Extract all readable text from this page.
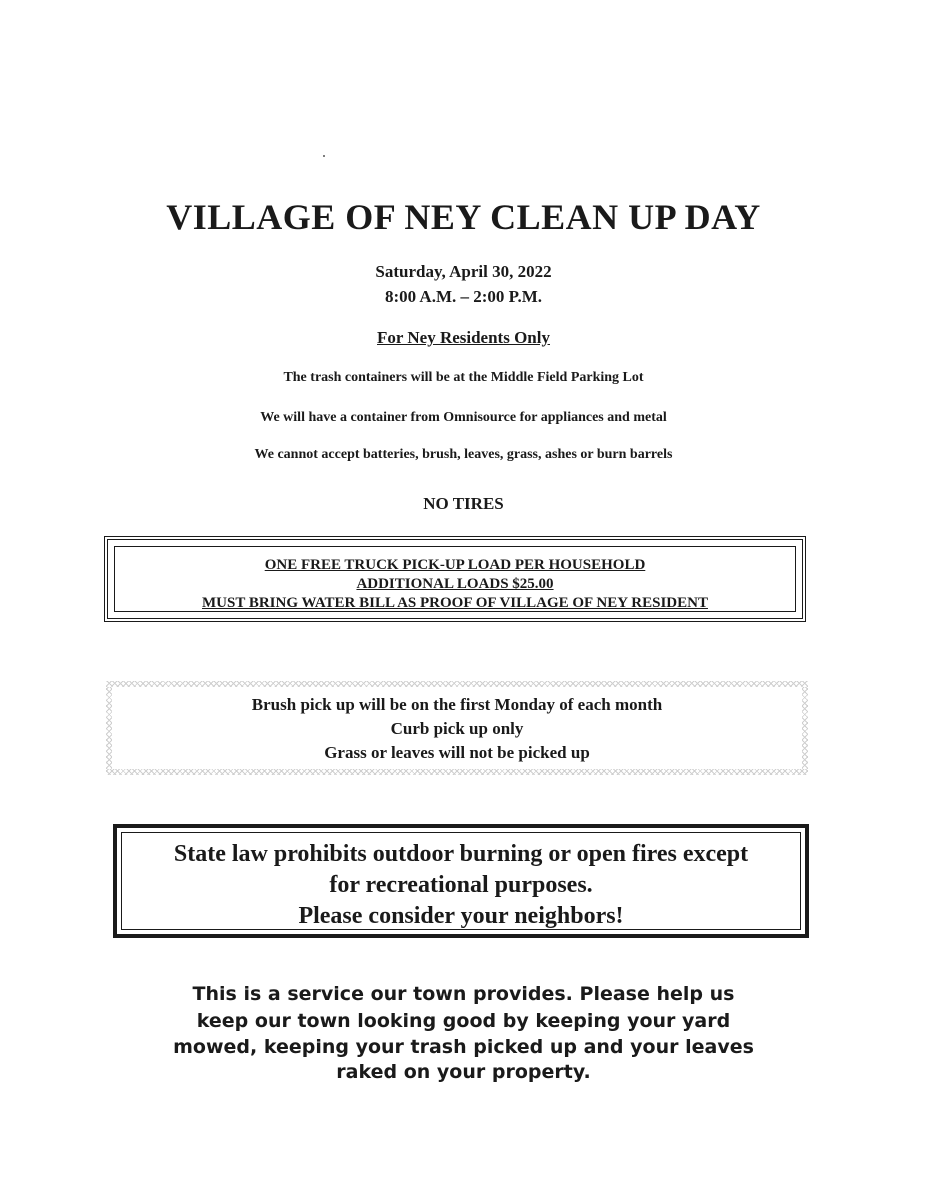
VILLAGE OF NEY CLEAN UP DAY
Saturday, April 30, 2022
8:00 A.M. – 2:00 P.M.
For Ney Residents Only
The trash containers will be at the Middle Field Parking Lot
We will have a container from Omnisource for appliances and metal
We cannot accept batteries, brush, leaves, grass, ashes or burn barrels
NO TIRES
ONE FREE TRUCK PICK-UP LOAD PER HOUSEHOLD
ADDITIONAL LOADS $25.00
MUST BRING WATER BILL AS PROOF OF VILLAGE OF NEY RESIDENT
Brush pick up will be on the first Monday of each month
Curb pick up only
Grass or leaves will not be picked up
State law prohibits outdoor burning or open fires except
for recreational purposes.
Please consider your neighbors!
This is a service our town provides. Please help us
keep our town looking good by keeping your yard
mowed, keeping your trash picked up and your leaves
raked on your property.
